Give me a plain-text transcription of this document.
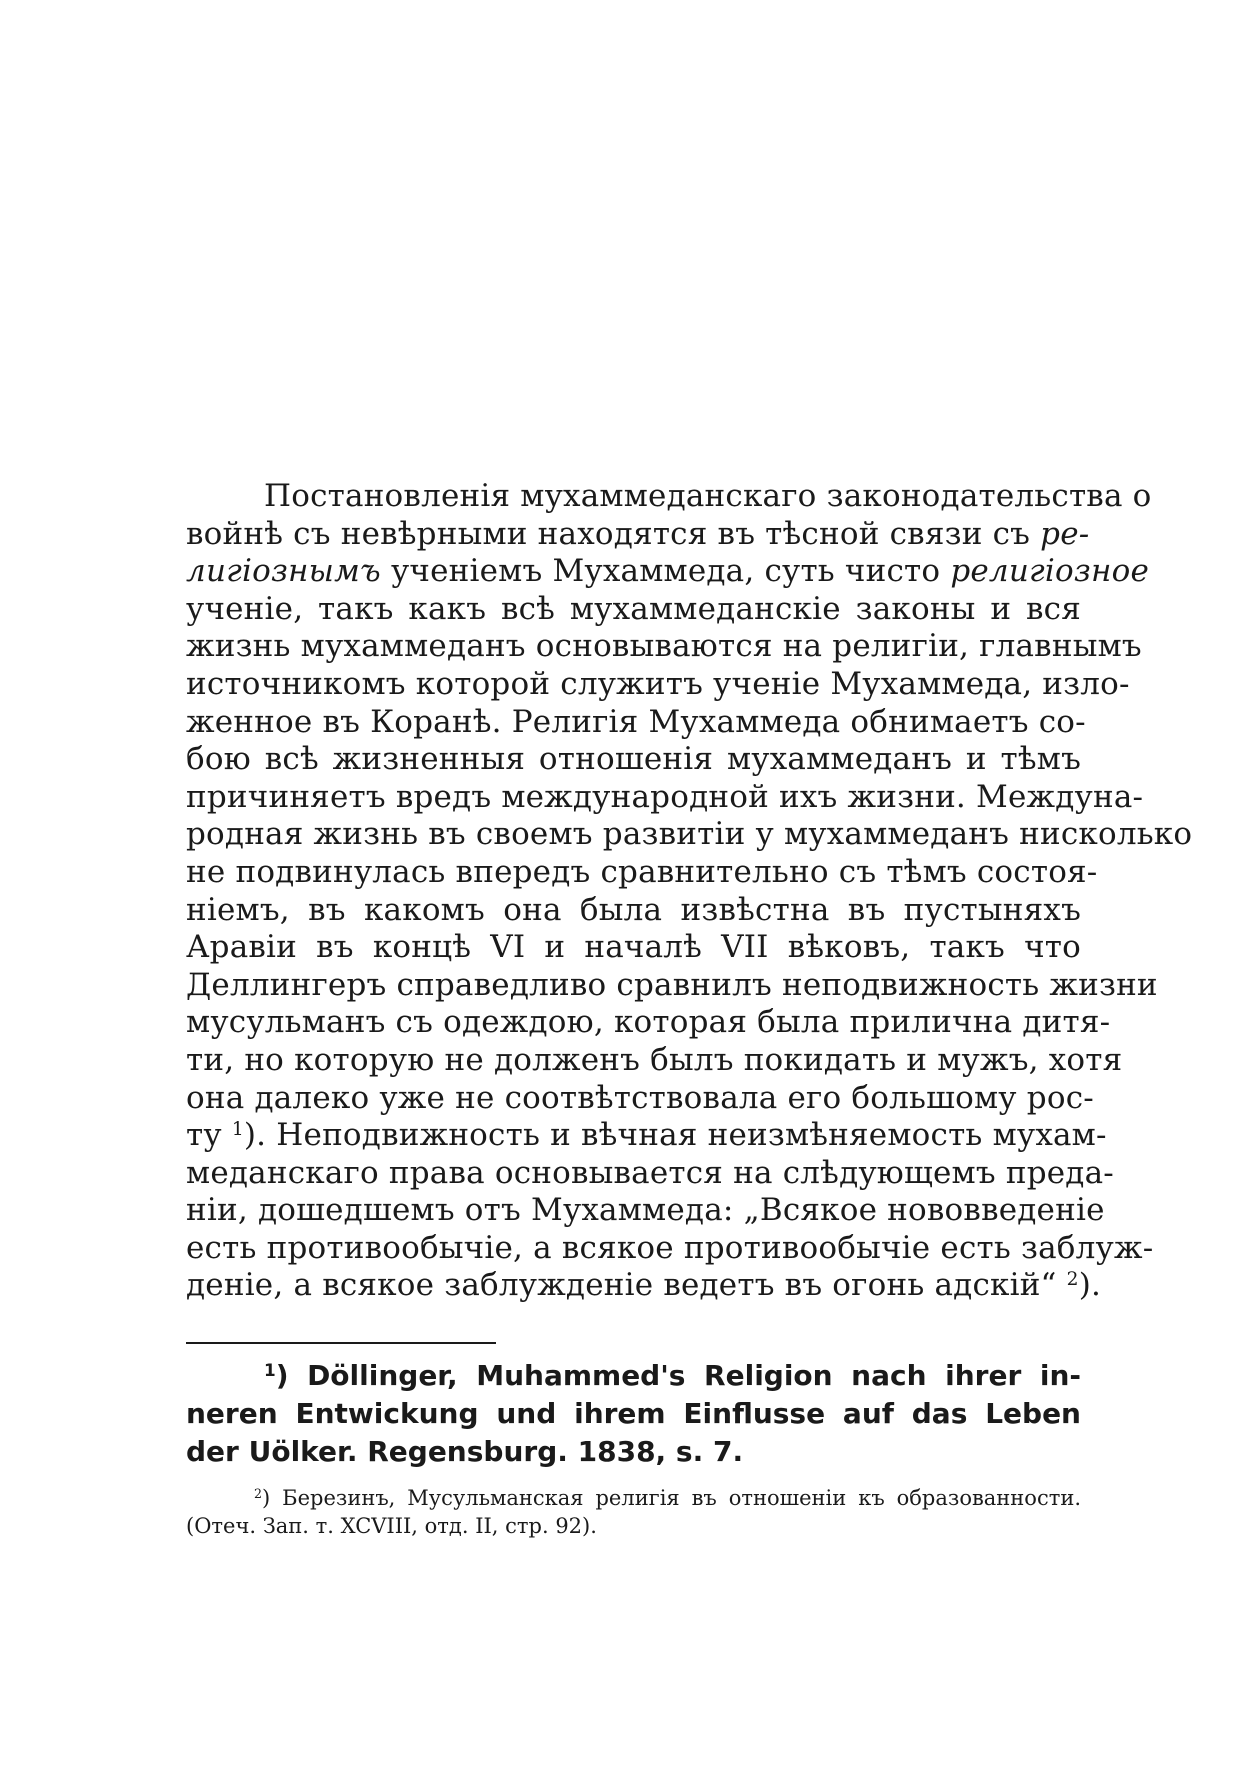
Постановленія мухаммеданскаго законодательства о
войнѣ съ невѣрными находятся въ тѣсной связи съ ре-
лигіознымъ ученіемъ Мухаммеда, суть чисто религіозное
ученіе, такъ какъ всѣ мухаммеданскіе законы и вся
жизнь мухаммеданъ основываются на религіи, главнымъ
источникомъ которой служитъ ученіе Мухаммеда, изло-
женное въ Коранѣ. Религія Мухаммеда обнимаетъ со-
бою всѣ жизненныя отношенія мухаммеданъ и тѣмъ
причиняетъ вредъ международной ихъ жизни. Междуна-
родная жизнь въ своемъ развитіи у мухаммеданъ нисколько
не подвинулась впередъ сравнительно съ тѣмъ состоя-
ніемъ, въ какомъ она была извѣстна въ пустыняхъ
Аравіи въ концѣ VI и началѣ VII вѣковъ, такъ что
Деллингеръ справедливо сравнилъ неподвижность жизни
мусульманъ съ одеждою, которая была прилична дитя-
ти, но которую не долженъ былъ покидать и мужъ, хотя
она далеко уже не соотвѣтствовала его большому рос-
ту $^1$). Неподвижность и вѣчная неизмѣняемость мухам-
меданскаго права основывается на слѣдующемъ преда-
ніи, дошедшемъ отъ Мухаммеда: „Всякое нововведеніе
есть противообычіе, а всякое противообычіе есть заблуж-
деніе, а всякое заблужденіе ведетъ въ огонь адскій“ $^2$).
$^1$) Döllinger, Muhammed's Religion nach ihrer in-
neren Entwickung und ihrem Einflusse auf das Leben
der Uölker. Regensburg. 1838, s. 7.
$^2$) Березинъ, Мусульманская религія въ отношеніи къ образованности.
(Отеч. Зап. т. XCVIII, отд. II, стр. 92).
